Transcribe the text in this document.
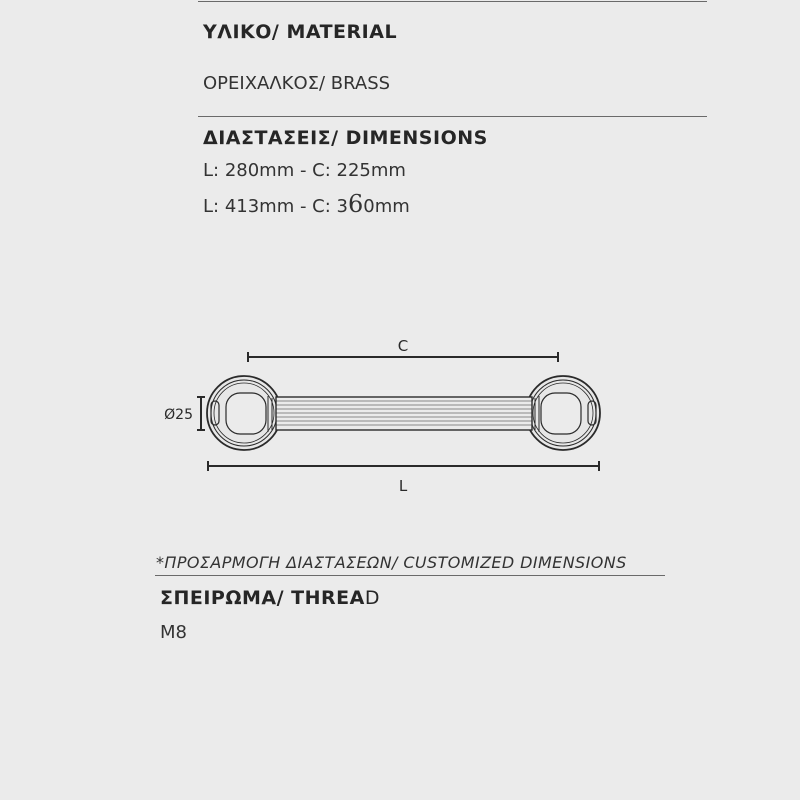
ΥΛΙΚΟ/ MATERIAL
ΟΡΕΙΧΑΛΚΟΣ/ BRASS
ΔΙΑΣΤΑΣΕΙΣ/ DIMENSIONS
L: 280mm - C: 225mm
L: 413mm - C: 360mm
C
L
Ø25
*ΠΡΟΣΑΡΜΟΓΗ ΔΙΑΣΤΑΣΕΩΝ/ CUSTOMIZED DIMENSIONS
ΣΠΕΙΡΩΜΑ/ THREAD
M8
